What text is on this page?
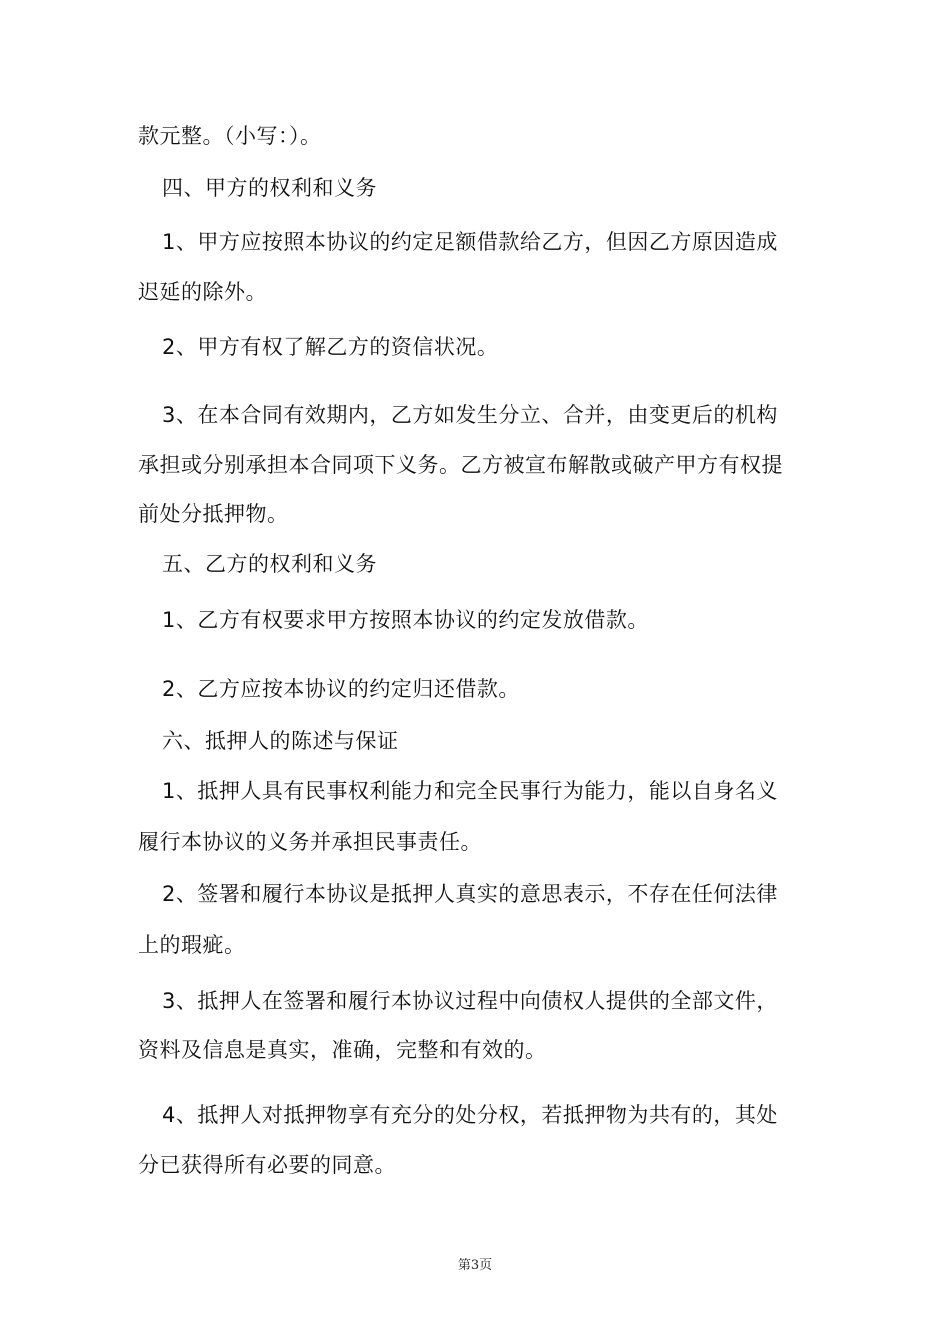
款元整。（小写：）。
四、甲方的权利和义务
1、甲方应按照本协议的约定足额借款给乙方，但因乙方原因造成
迟延的除外。
2、甲方有权了解乙方的资信状况。
3、在本合同有效期内，乙方如发生分立、合并，由变更后的机构
承担或分别承担本合同项下义务。乙方被宣布解散或破产甲方有权提
前处分抵押物。
五、乙方的权利和义务
1、乙方有权要求甲方按照本协议的约定发放借款。
2、乙方应按本协议的约定归还借款。
六、抵押人的陈述与保证
1、抵押人具有民事权利能力和完全民事行为能力，能以自身名义
履行本协议的义务并承担民事责任。
2、签署和履行本协议是抵押人真实的意思表示，不存在任何法律
上的瑕疵。
3、抵押人在签署和履行本协议过程中向债权人提供的全部文件，
资料及信息是真实，准确，完整和有效的。
4、抵押人对抵押物享有充分的处分权，若抵押物为共有的，其处
分已获得所有必要的同意。
第3页
